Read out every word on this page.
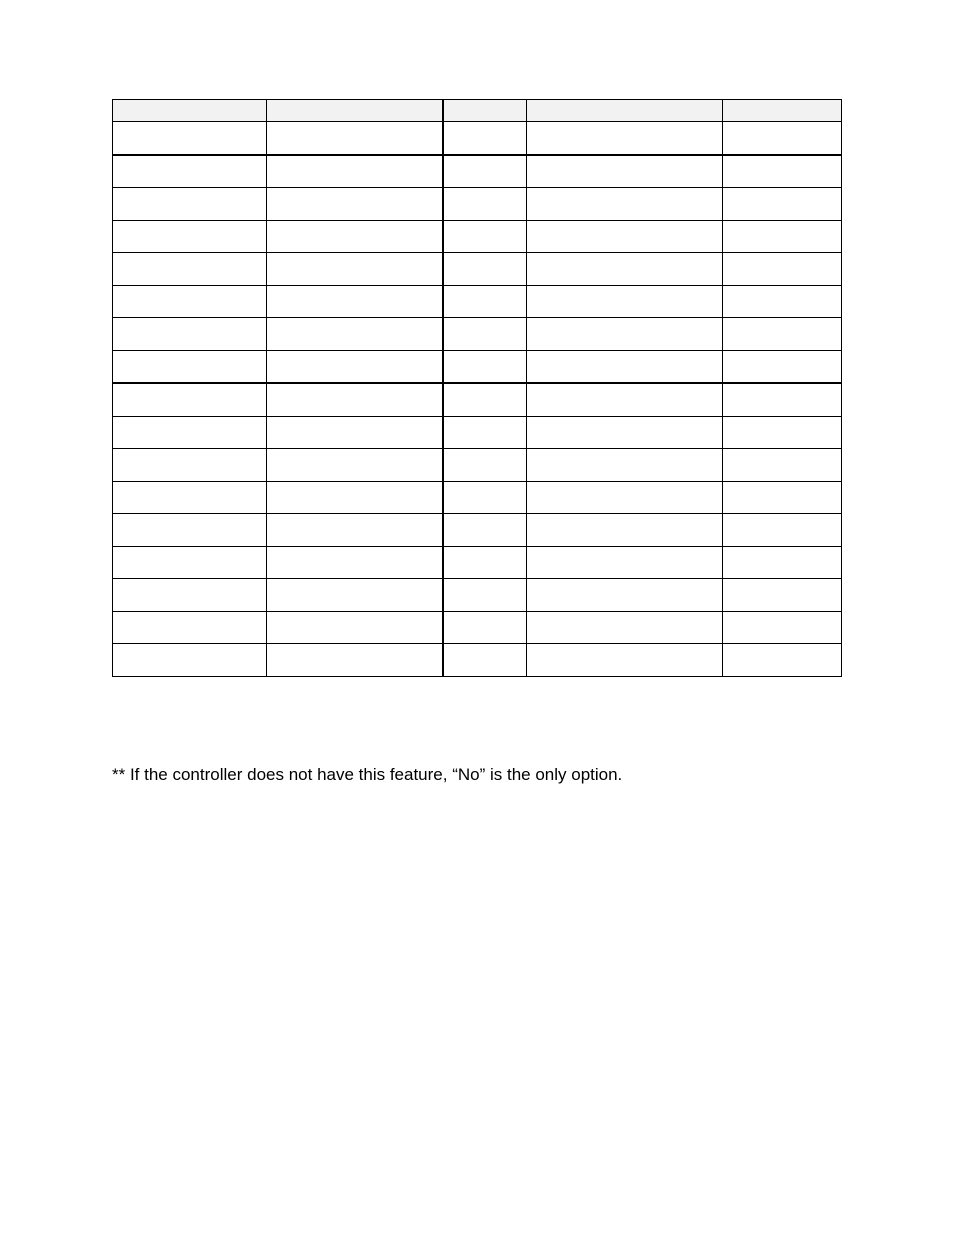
** If the controller does not have this feature, “No” is the only option.
